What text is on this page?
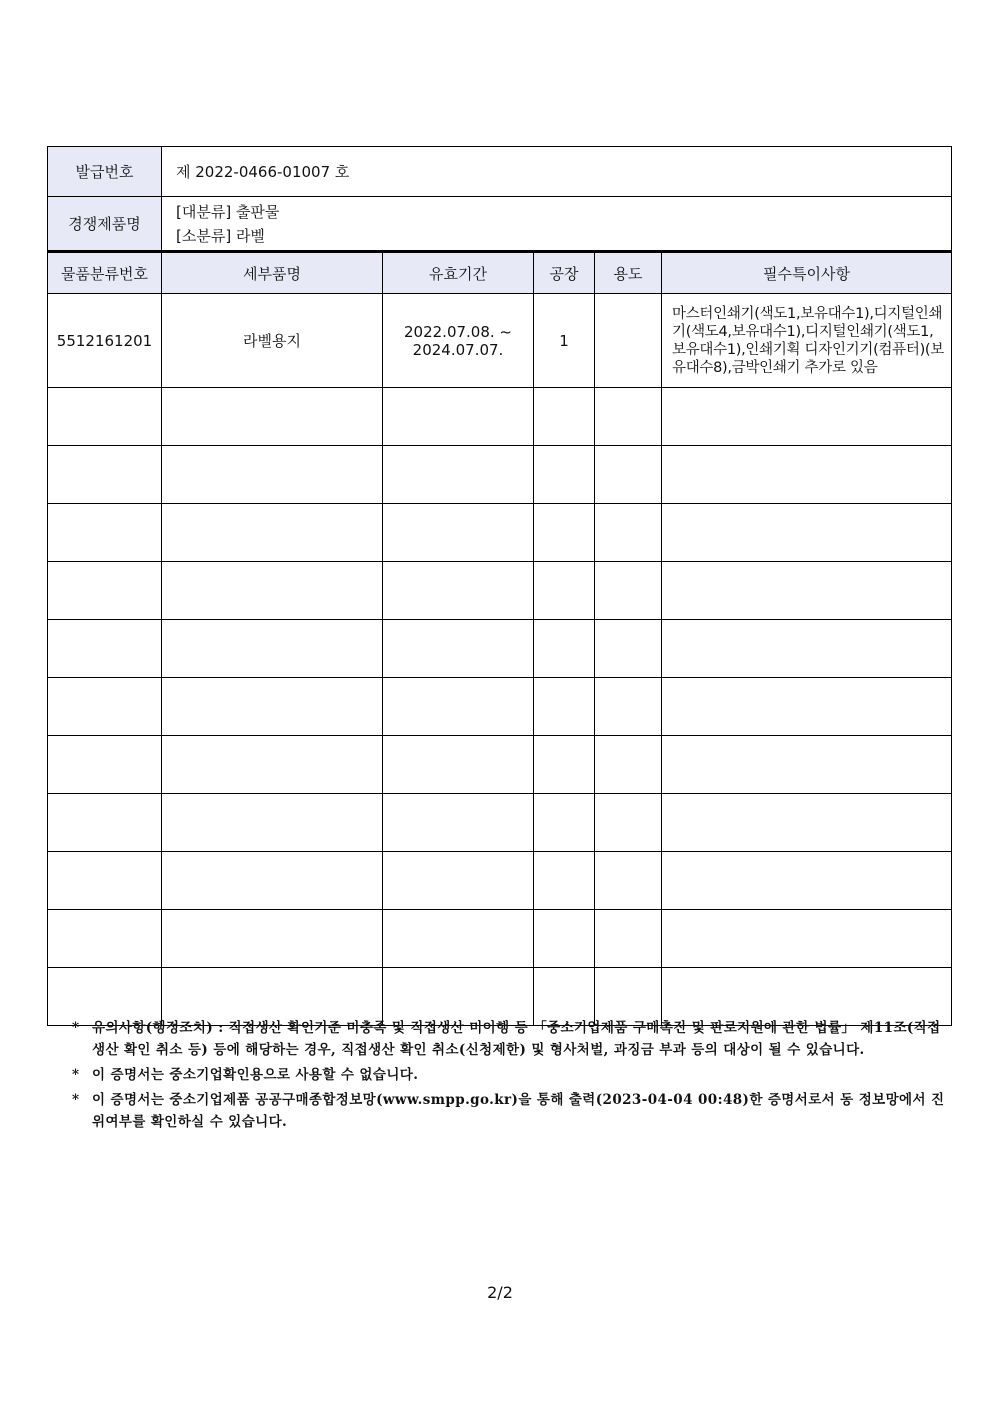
발급번호	제 2022-0466-01007 호
경쟁제품명	[대분류] 출판물
[소분류] 라벨
물품분류번호	세부품명	유효기간	공장	용도	필수특이사항
5512161201	라벨용지	2022.07.08. ~
2024.07.07.	1		마스터인쇄기(색도1,보유대수1),디지털인쇄기(색도4,보유대수1),디지털인쇄기(색도1,보유대수1),인쇄기획 디자인기기(컴퓨터)(보유대수8),금박인쇄기 추가로 있음

* 유의사항(행정조치) : 직접생산 확인기준 미충족 및 직접생산 미이행 등 「중소기업제품 구매촉진 및 판로지원에 관한 법률」 제11조(직접생산 확인 취소 등) 등에 해당하는 경우, 직접생산 확인 취소(신청제한) 및 형사처벌, 과징금 부과 등의 대상이 될 수 있습니다.
* 이 증명서는 중소기업확인용으로 사용할 수 없습니다.
* 이 증명서는 중소기업제품 공공구매종합정보망(www.smpp.go.kr)을 통해 출력(2023-04-04 00:48)한 증명서로서 동 정보망에서 진위여부를 확인하실 수 있습니다.
2/2
